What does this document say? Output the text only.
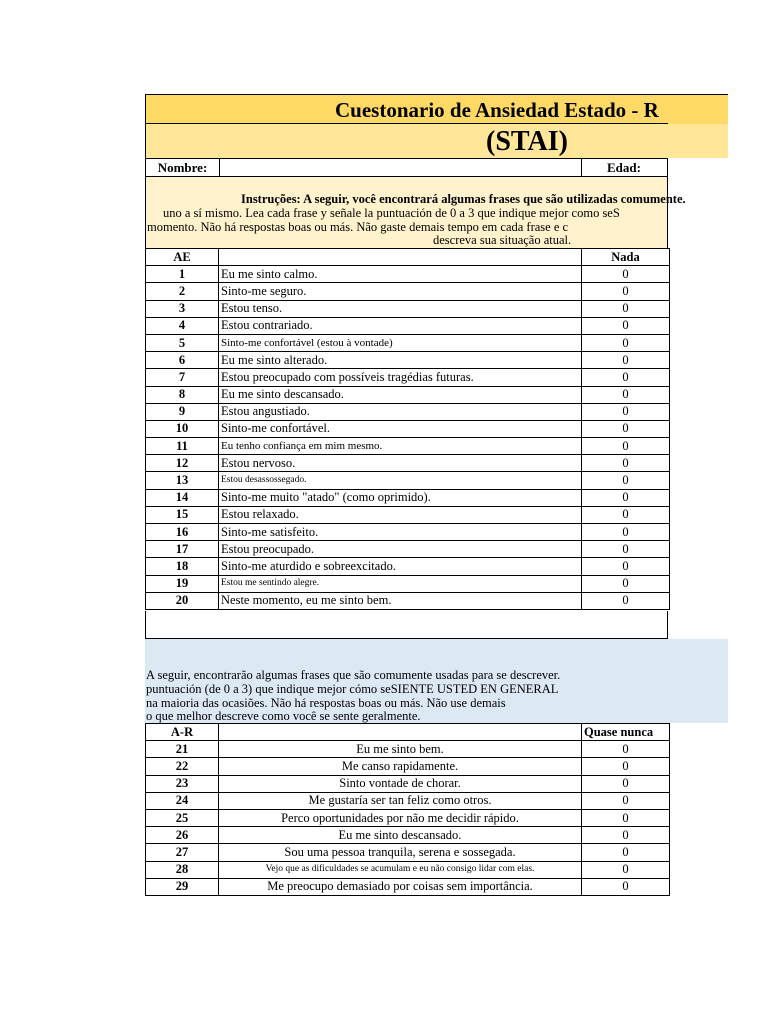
Cuestonario de Ansiedad Estado - R
(STAI)
Nombre:	Edad:
Instruções: A seguir, você encontrará algumas frases que são utilizadas comumente.
uno a sí mismo. Lea cada frase y señale la puntuación de 0 a 3 que indique mejor como seS
momento. Não há respostas boas ou más. Não gaste demais tempo em cada frase e c
descreva sua situação atual.
AE		Nada
1	Eu me sinto calmo.	0
2	Sinto-me seguro.	0
3	Estou tenso.	0
4	Estou contrariado.	0
5	Sinto-me confortável (estou à vontade)	0
6	Eu me sinto alterado.	0
7	Estou preocupado com possíveis tragédias futuras.	0
8	Eu me sinto descansado.	0
9	Estou angustiado.	0
10	Sinto-me confortável.	0
11	Eu tenho confiança em mim mesmo.	0
12	Estou nervoso.	0
13	Estou desassossegado.	0
14	Sinto-me muito "atado" (como oprimido).	0
15	Estou relaxado.	0
16	Sinto-me satisfeito.	0
17	Estou preocupado.	0
18	Sinto-me aturdido e sobreexcitado.	0
19	Estou me sentindo alegre.	0
20	Neste momento, eu me sinto bem.	0
A seguir, encontrarão algumas frases que são comumente usadas para se descrever.
puntuación (de 0 a 3) que indique mejor cómo seSIENTE USTED EN GENERAL
na maioria das ocasiões. Não há respostas boas ou más. Não use demais
o que melhor descreve como você se sente geralmente.
A-R		Quase nunca
21	Eu me sinto bem.	0
22	Me canso rapidamente.	0
23	Sinto vontade de chorar.	0
24	Me gustaría ser tan feliz como otros.	0
25	Perco oportunidades por não me decidir rápido.	0
26	Eu me sinto descansado.	0
27	Sou uma pessoa tranquila, serena e sossegada.	0
28	Vejo que as dificuldades se acumulam e eu não consigo lidar com elas.	0
29	Me preocupo demasiado por coisas sem importância.	0
